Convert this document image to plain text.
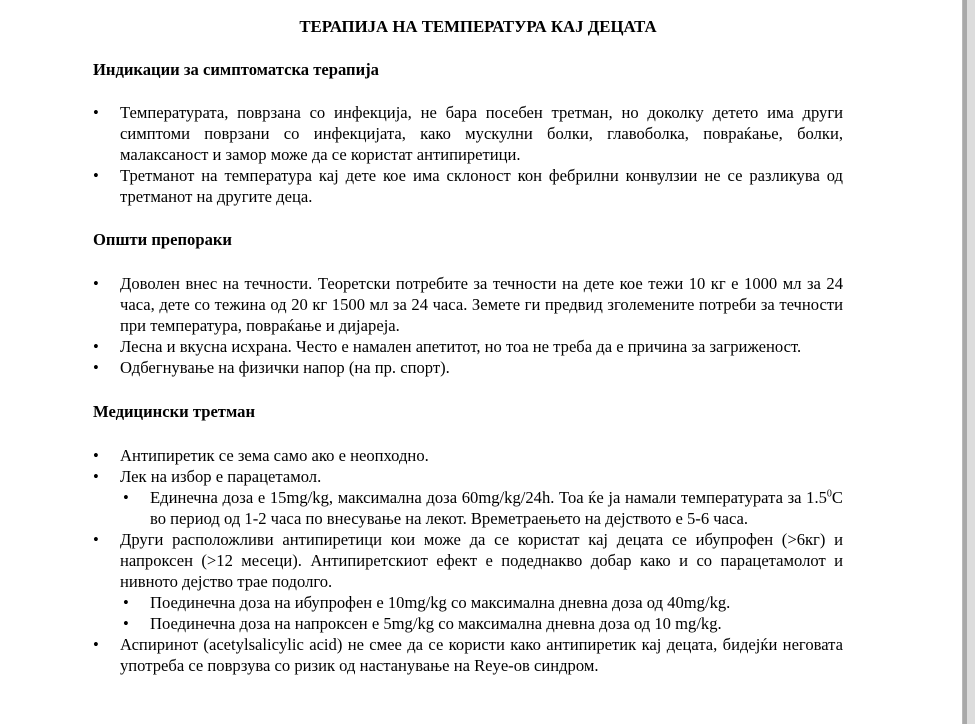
ТЕРАПИЈА НА ТЕМПЕРАТУРА КАЈ ДЕЦАТА

Индикации за симптоматска терапија

•	Температурата, поврзана со инфекција, не бара посебен третман, но доколку детето има други симптоми поврзани со инфекцијата, како мускулни болки, главоболка, повраќање, болки, малаксаност и замор може да се користат антипиретици.
•	Третманот на температура кај дете кое има склоност кон фебрилни конвулзии не се разликува од третманот на другите деца.

Општи препораки

•	Доволен внес на течности. Теоретски потребите за течности на дете кое тежи 10 кг е 1000 мл за 24 часа, дете со тежина од 20 кг 1500 мл за 24 часа. Земете ги предвид зголемените потреби за течности при температура, повраќање и дијареја.
•	Лесна и вкусна исхрана. Често е намален апетитот, но тоа не треба да е причина за загриженост.
•	Одбегнување на физички напор (на пр. спорт).

Медицински третман

•	Антипиретик се зема само ако е неопходно.
•	Лек на избор е парацетамол.
•	Единечна доза е 15mg/kg, максимална доза 60mg/kg/24h. Тоа ќе ја намали температурата за $1.5^0C$ во период од 1-2 часа по внесување на лекот. Времетраењето на дејството е 5-6 часа.
•	Други расположливи антипиретици кои може да се користат кај децата се ибупрофен (>6кг) и напроксен (>12 месеци). Антипиретскиот ефект е подеднакво добар како и со парацетамолот и нивното дејство трае подолго.
•	Поединечна доза на ибупрофен е 10mg/kg со максимална дневна доза од 40mg/kg.
•	Поединечна доза на напроксен е 5mg/kg со максимална дневна доза од 10 mg/kg.
•	Аспиринот (acetylsalicylic acid) не смее да се користи како антипиретик кај децата, бидејќи неговата употреба се поврзува со ризик од настанување на Reye-ов синдром.
